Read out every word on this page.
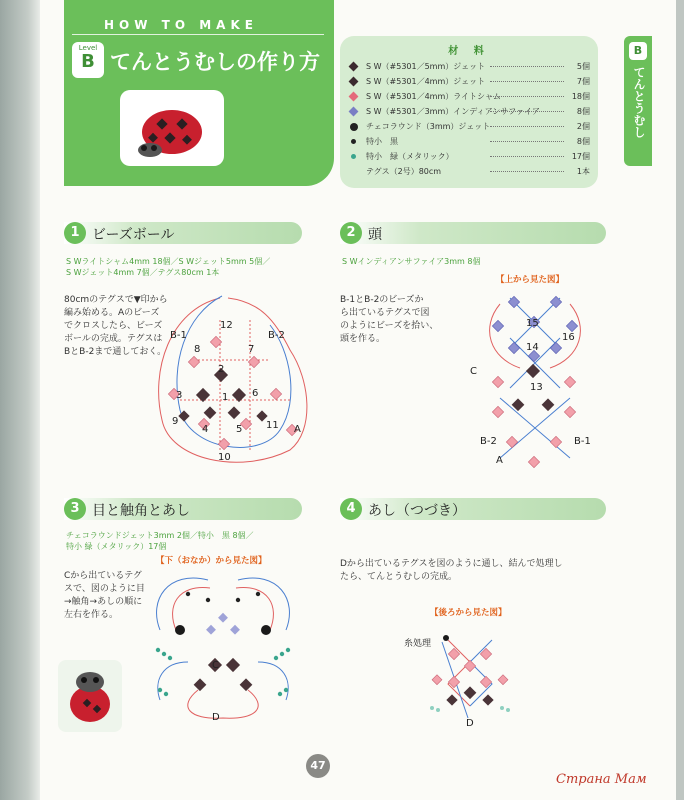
HOW TO MAKE
Level
B てんとうむしの作り方	材 料
S W（#5301／5mm）ジェット	5個
S W（#5301／4mm）ジェット	7個
S W（#5301／4mm）ライトシャム	18個
S W（#5301／3mm）インディアンサファイア	8個
チェコラウンド（3mm）ジェット	2個
特小　黒	8個
特小　緑（メタリック）	17個
テグス（2号）80cm	1本
B
てんとうむし
1 ビーズボール
S Wライトシャム4mm 18個／S Wジェット5mm 5個／
S Wジェット4mm 7個／テグス80cm 1本
80cmのテグスで▼印から
編み始める。Aのビーズ
でクロスしたら、ビーズ
ボールの完成。テグスは
BとB-2まで通しておく。
B-1	B-2
A
12
8	7
2
3	1 6
9
4	5 11
10
2 頭
S Wインディアンサファイア3mm 8個
【上から見た図】
B-1とB-2のビーズか
ら出ているテグスで図
のようにビーズを拾い、
頭を作る。
15
16
14
13
C
B-2	B-1
A
3 目と触角とあし
チェコラウンドジェット3mm 2個／特小　黒 8個／
特小 緑（メタリック）17個
【下（おなか）から見た図】
Cから出ているテグ
スで、図のように目
→触角→あしの順に
左右を作る。
C
D
4 あし（つづき）
Dから出ているテグスを図のように通し、結んで処理し
たら、てんとうむしの完成。
【後ろから見た図】
糸処理
D
47
Страна Мам
